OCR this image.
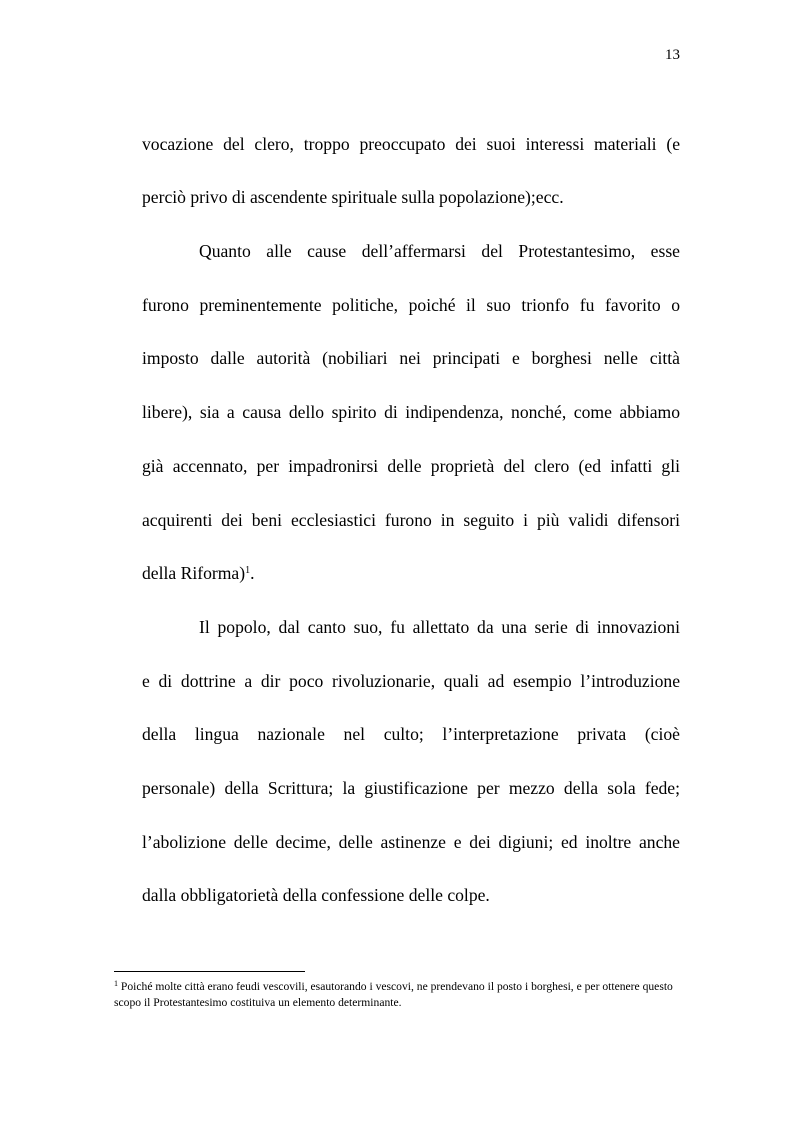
13
vocazione del clero, troppo preoccupato dei suoi interessi materiali (e
perciò privo di ascendente spirituale sulla popolazione);ecc.
Quanto alle cause dell’affermarsi del Protestantesimo, esse
furono preminentemente politiche, poiché il suo trionfo fu favorito o
imposto dalle autorità (nobiliari nei principati e borghesi nelle città
libere), sia a causa dello spirito di indipendenza, nonché, come abbiamo
già accennato, per impadronirsi delle proprietà del clero (ed infatti gli
acquirenti dei beni ecclesiastici furono in seguito i più validi difensori
della Riforma)$^1$.
Il popolo, dal canto suo, fu allettato da una serie di innovazioni
e di dottrine a dir poco rivoluzionarie, quali ad esempio l’introduzione
della lingua nazionale nel culto; l’interpretazione privata (cioè
personale) della Scrittura; la giustificazione per mezzo della sola fede;
l’abolizione delle decime, delle astinenze e dei digiuni; ed inoltre anche
dalla obbligatorietà della confessione delle colpe.
$^1$ Poiché molte città erano feudi vescovili, esautorando i vescovi, ne prendevano il posto i borghesi, e per ottenere questo scopo il Protestantesimo costituiva un elemento determinante.
